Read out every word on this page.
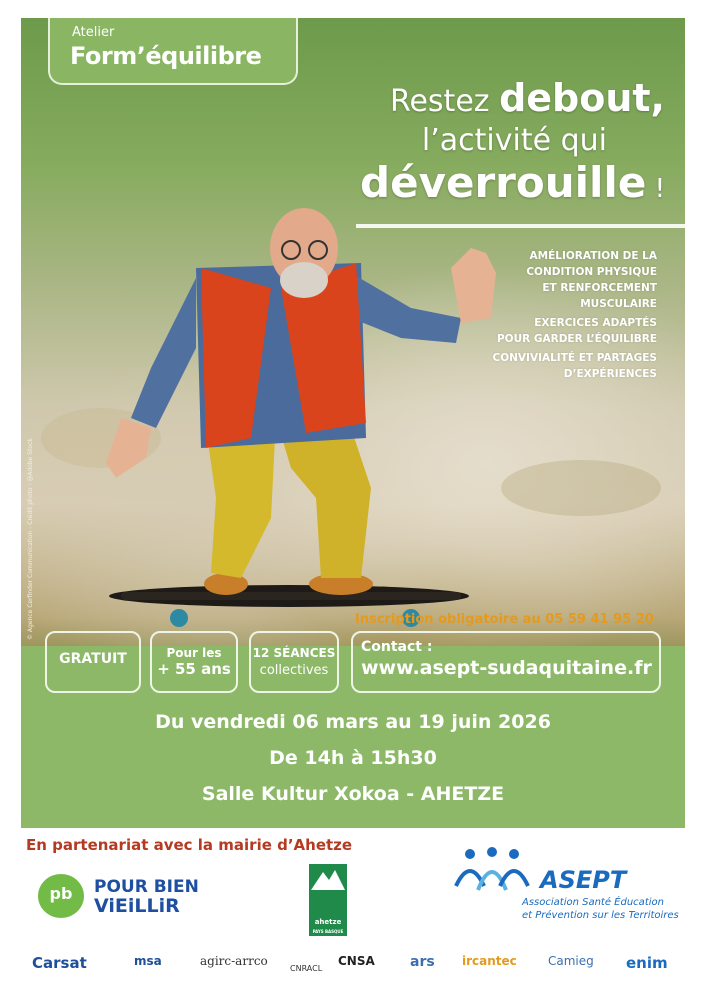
Atelier
Form’équilibre
Restez debout,
l’activité qui
déverrouille !
AMÉLIORATION DE LA
CONDITION PHYSIQUE
ET RENFORCEMENT
MUSCULAIRE
EXERCICES ADAPTÉS
POUR GARDER L’ÉQUILIBRE
CONVIVIALITÉ ET PARTAGES
D’EXPÉRIENCES
© Agence Cerfinder Communication - Crédit photo : @Adobe Stock	Inscription obligatoire au 05 59 41 95 20
GRATUIT	Pour les
+ 55 ans
12 SÉANCES
collectives
Contact :
www.asept-sudaquitaine.fr
Du vendredi 06 mars au 19 juin 2026
De 14h à 15h30
Salle Kultur Xokoa - AHETZE
En partenariat avec la mairie d’Ahetze
pb	POUR BIEN
ViEiLLiR
ahetze
PAYS BASQUE
ASEPT
Association Santé Éducation
et Prévention sur les Territoires
Carsat	msa	agirc-arrco
CNRACL
CNSA	ars ircantec	Camieg enim
